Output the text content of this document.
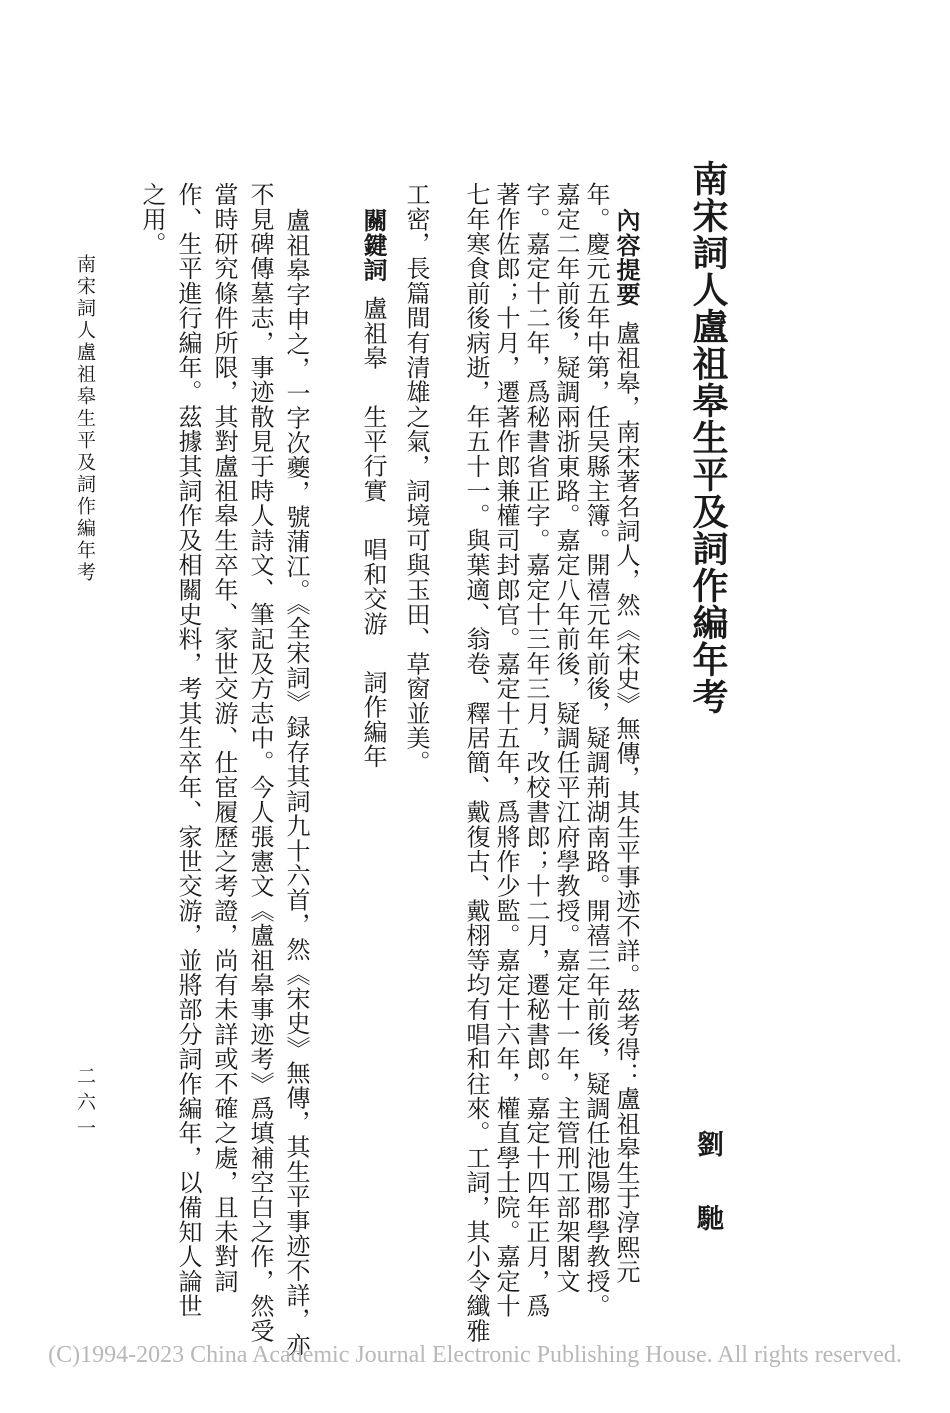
南宋詞人盧祖皋生平及詞作編年考
劉 馳

內容提要盧祖皋，南宋著名詞人，然《宋史》無傳，其生平事迹不詳。茲考得：盧祖皋生于淳熙元

年。慶元五年中第，任吴縣主簿。開禧元年前後，疑調荊湖南路。開禧三年前後，疑調任池陽郡學教授。

嘉定二年前後，疑調兩浙東路。嘉定八年前後，疑調任平江府學教授。嘉定十一年，主管刑工部架閣文

字。嘉定十二年，爲秘書省正字。嘉定十三年三月，改校書郎；十二月，遷秘書郎。嘉定十四年正月，爲

著作佐郎；十月，遷著作郎兼權司封郎官。嘉定十五年，爲將作少監。嘉定十六年，權直學士院。嘉定十

七年寒食前後病逝，年五十一。與葉適、翁卷、釋居簡、戴復古、戴栩等均有唱和往來。工詞，其小令纖雅

工密，長篇間有清雄之氣，詞境可與玉田、草窗並美。

關鍵詞盧祖皋生平行實唱和交游詞作編年

盧祖皋字申之，一字次夔，號蒲江。《全宋詞》録存其詞九十六首，然《宋史》無傳，其生平事迹不詳，亦

不見碑傳墓志，事迹散見于時人詩文、筆記及方志中。今人張憲文《盧祖皋事迹考》爲填補空白之作，然受

當時研究條件所限，其對盧祖皋生卒年、家世交游、仕宦履歷之考證，尚有未詳或不確之處，且未對詞

作、生平進行編年。茲據其詞作及相關史料，考其生卒年、家世交游，並將部分詞作編年，以備知人論世

之用。

南宋詞人盧祖皋生平及詞作編年考
二六一

(C)1994-2023 China Academic Journal Electronic Publishing House. All rights reserved.
